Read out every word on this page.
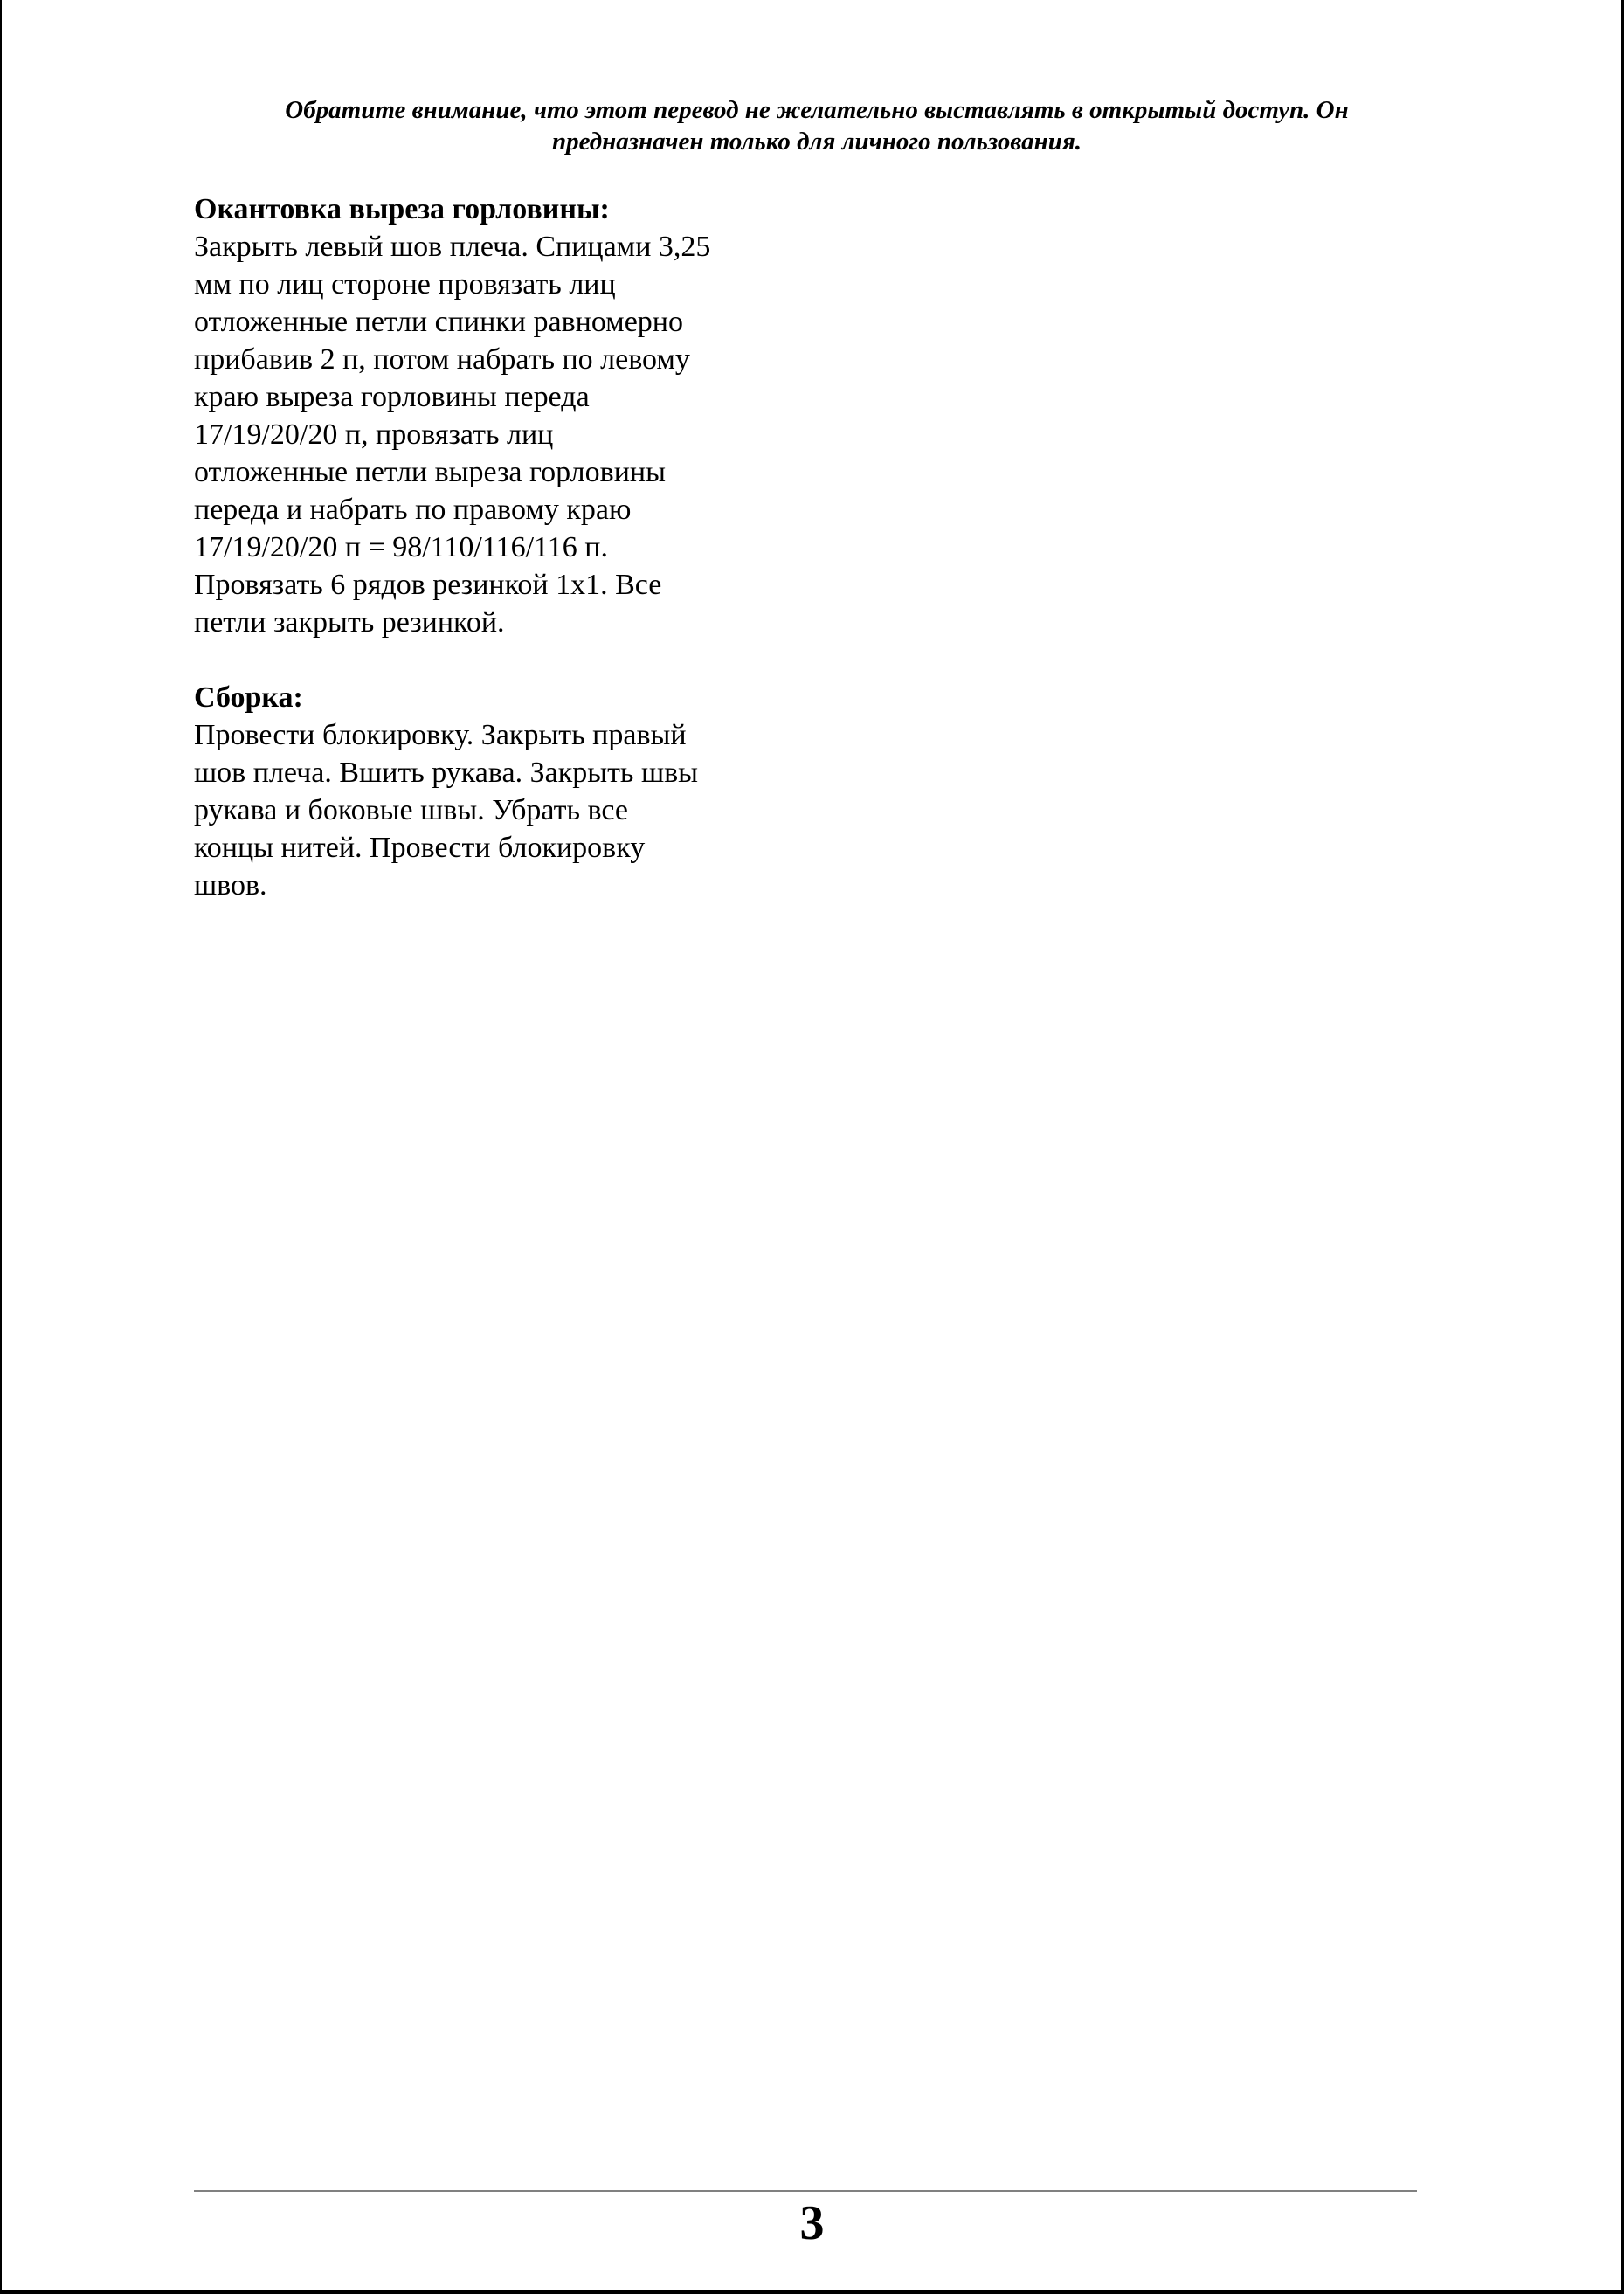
Обратите внимание, что этот перевод не желательно выставлять в открытый доступ. Он
предназначен только для личного пользования.

Окантовка выреза горловины:

Закрыть левый шов плеча. Спицами 3,25
мм по лиц стороне провязать лиц
отложенные петли спинки равномерно
прибавив 2 п, потом набрать по левому
краю выреза горловины переда
17/19/20/20 п, провязать лиц
отложенные петли выреза горловины
переда и набрать по правому краю
17/19/20/20 п = 98/110/116/116 п.
Провязать 6 рядов резинкой 1х1. Все
петли закрыть резинкой.

Сборка:

Провести блокировку. Закрыть правый
шов плеча. Вшить рукава. Закрыть швы
рукава и боковые швы. Убрать все
концы нитей. Провести блокировку
швов.

3
